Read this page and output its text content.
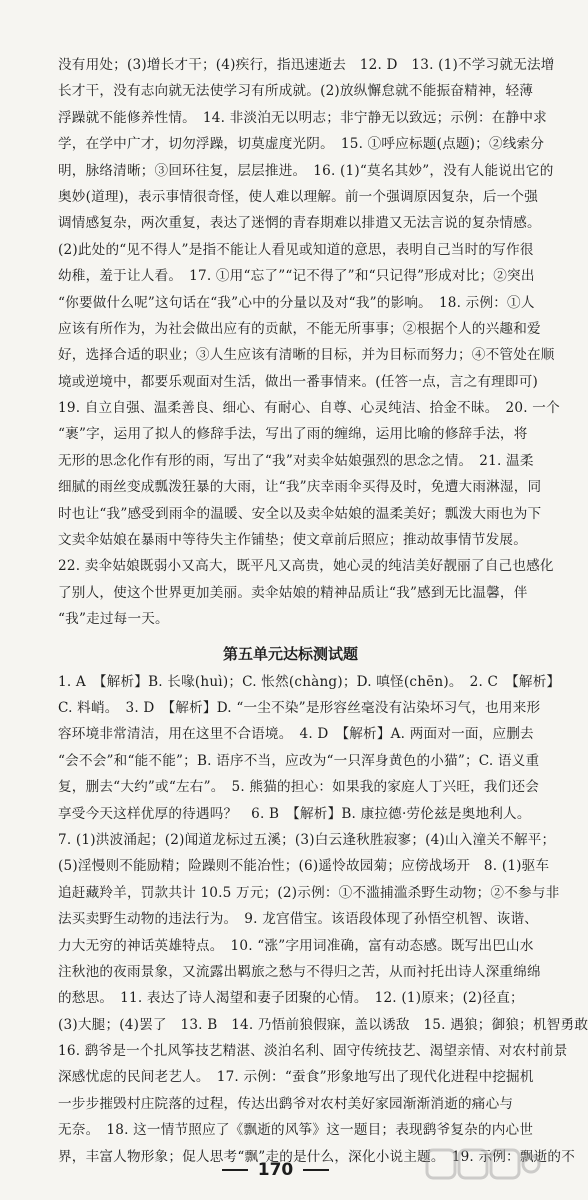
没有用处；(3)增长才干；(4)疾行，指迅速逝去　12. D　13. (1)不学习就无法增
长才干，没有志向就无法使学习有所成就。(2)放纵懈怠就不能振奋精神，轻薄
浮躁就不能修养性情。　14. 非淡泊无以明志；非宁静无以致远；示例：在静中求
学，在学中广才，切勿浮躁，切莫虚度光阴。　15. ①呼应标题(点题)；②线索分
明，脉络清晰；③回环往复，层层推进。　16. (1)“莫名其妙”，没有人能说出它的
奥妙(道理)，表示事情很奇怪，使人难以理解。前一个强调原因复杂，后一个强
调情感复杂，两次重复，表达了迷惘的青春期难以排遣又无法言说的复杂情感。
(2)此处的“见不得人”是指不能让人看见或知道的意思，表明自己当时的写作很
幼稚，羞于让人看。　17. ①用“忘了”“记不得了”和“只记得”形成对比；②突出
“你要做什么呢”这句话在“我”心中的分量以及对“我”的影响。　18. 示例：①人
应该有所作为，为社会做出应有的贡献，不能无所事事；②根据个人的兴趣和爱
好，选择合适的职业；③人生应该有清晰的目标，并为目标而努力；④不管处在顺
境或逆境中，都要乐观面对生活，做出一番事情来。(任答一点，言之有理即可)
19. 自立自强、温柔善良、细心、有耐心、自尊、心灵纯洁、拾金不昧。　20. 一个
“裹”字，运用了拟人的修辞手法，写出了雨的缠绵，运用比喻的修辞手法，将
无形的思念化作有形的雨，写出了“我”对卖伞姑娘强烈的思念之情。　21. 温柔
细腻的雨丝变成瓢泼狂暴的大雨，让“我”庆幸雨伞买得及时，免遭大雨淋湿，同
时也让“我”感受到雨伞的温暖、安全以及卖伞姑娘的温柔美好；瓢泼大雨也为下
文卖伞姑娘在暴雨中等待失主作铺垫；使文章前后照应；推动故事情节发展。
22. 卖伞姑娘既弱小又高大，既平凡又高贵，她心灵的纯洁美好靓丽了自己也感化
了别人，使这个世界更加美丽。卖伞姑娘的精神品质让“我”感到无比温馨，伴
“我”走过每一天。
第五单元达标测试题
1. A　【解析】B. 长喙(huì)；C. 怅然(chàng)；D. 嗔怪(chēn)。　2. C　【解析】
C. 料峭。　3. D　【解析】D. “一尘不染”是形容丝毫没有沾染坏习气，也用来形
容环境非常清洁，用在这里不合语境。　4. D　【解析】A. 两面对一面，应删去
“会不会”和“能不能”；B. 语序不当，应改为“一只浑身黄色的小猫”；C. 语义重
复，删去“大约”或“左右”。　5. 熊猫的担心：如果我的家庭人丁兴旺，我们还会
享受今天这样优厚的待遇吗？　6. B　【解析】B. 康拉德·劳伦兹是奥地利人。
7. (1)洪波涌起；(2)闻道龙标过五溪；(3)白云逢秋胜寂寥；(4)山入潼关不解平；
(5)淫慢则不能励精；险躁则不能冶性；(6)遥怜故园菊；应傍战场开　8. (1)驱车
追赶藏羚羊，罚款共计 10.5 万元；(2)示例：①不滥捕滥杀野生动物；②不参与非
法买卖野生动物的违法行为。　9. 龙宫借宝。该语段体现了孙悟空机智、诙谐、
力大无穷的神话英雄特点。　10. “涨”字用词准确，富有动态感。既写出巴山水
注秋池的夜雨景象，又流露出羁旅之愁与不得归之苦，从而衬托出诗人深重绵绵
的愁思。　11. 表达了诗人渴望和妻子团聚的心情。　12. (1)原来；(2)径直；
(3)大腿；(4)罢了　13. B　14. 乃悟前狼假寐，盖以诱敌　15. 遇狼；御狼；机智勇敢
16. 鹞爷是一个扎风筝技艺精湛、淡泊名利、固守传统技艺、渴望亲情、对农村前景
深感忧虑的民间老艺人。　17. 示例：“蚕食”形象地写出了现代化进程中挖掘机
一步步摧毁村庄院落的过程，传达出鹞爷对农村美好家园渐渐消逝的痛心与
无奈。　18. 这一情节照应了《飘逝的风筝》这一题目；表现鹞爷复杂的内心世
界，丰富人物形象；促人思考“飘”走的是什么，深化小说主题。　19. 示例：飘逝的不
170
